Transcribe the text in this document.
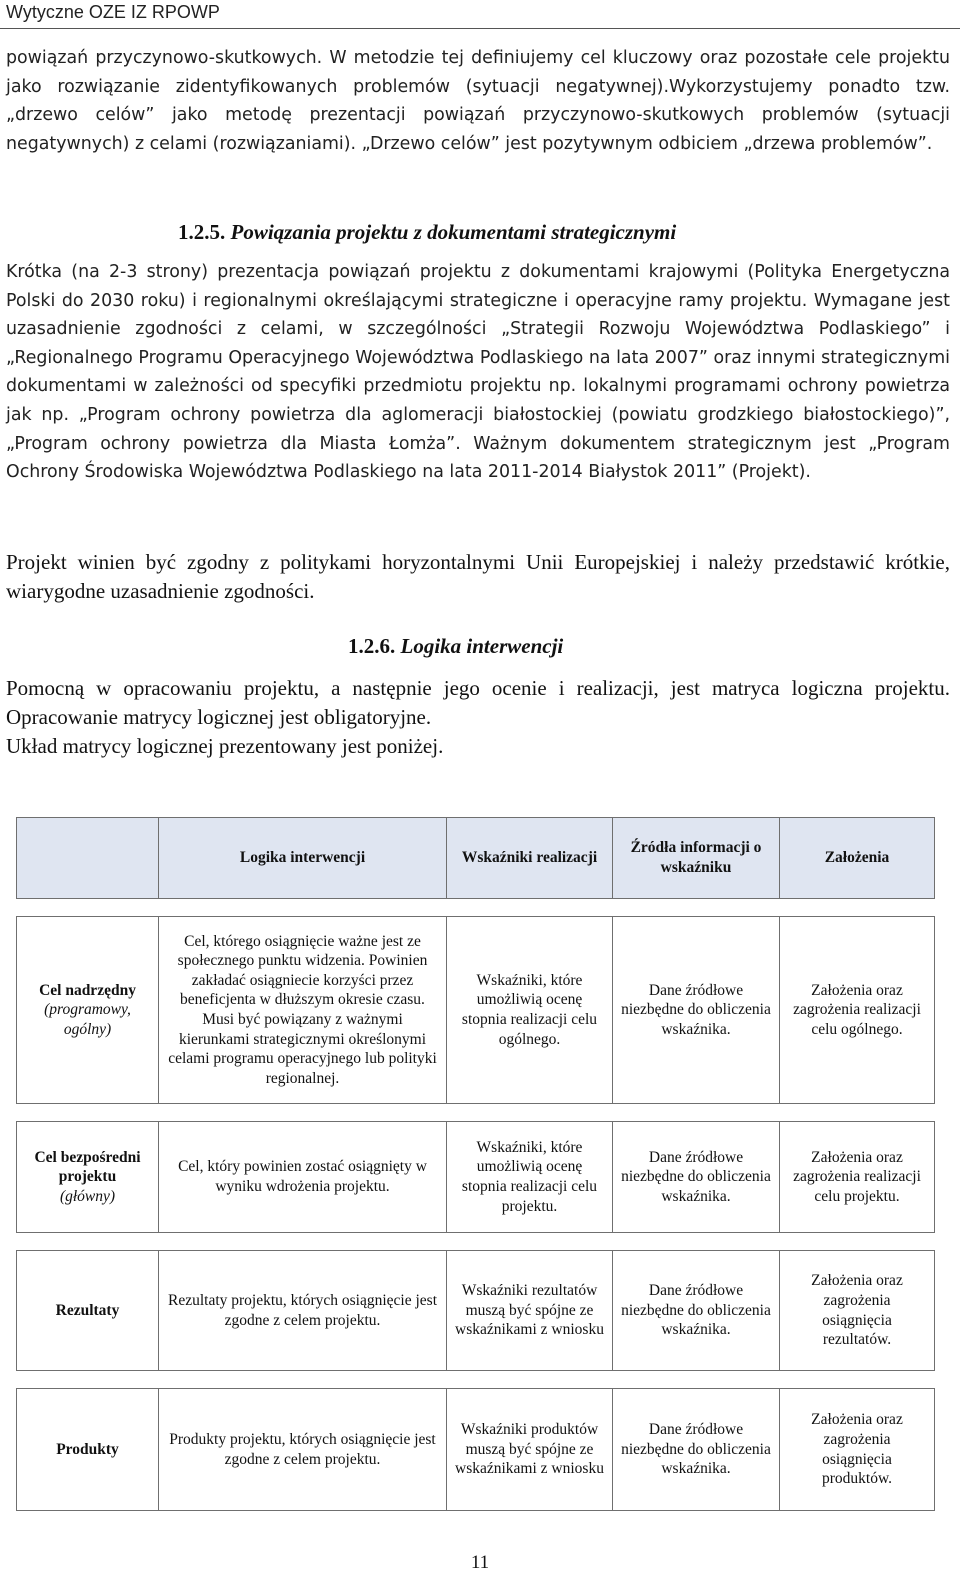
Wytyczne OZE IZ RPOWP
powiązań przyczynowo-skutkowych. W metodzie tej definiujemy cel kluczowy oraz pozostałe cele projektu jako rozwiązanie zidentyfikowanych problemów (sytuacji negatywnej).Wykorzystujemy ponadto tzw. „drzewo celów” jako metodę prezentacji powiązań przyczynowo-skutkowych problemów (sytuacji negatywnych) z celami (rozwiązaniami). „Drzewo celów” jest pozytywnym odbiciem „drzewa problemów”.
1.2.5. Powiązania projektu z dokumentami strategicznymi
Krótka (na 2-3 strony) prezentacja powiązań projektu z dokumentami krajowymi (Polityka Energetyczna Polski do 2030 roku) i regionalnymi określającymi strategiczne i operacyjne ramy projektu. Wymagane jest uzasadnienie zgodności z celami, w szczególności „Strategii Rozwoju Województwa Podlaskiego” i „Regionalnego Programu Operacyjnego Województwa Podlaskiego na lata 2007” oraz innymi strategicznymi dokumentami w zależności od specyfiki przedmiotu projektu np. lokalnymi programami ochrony powietrza jak np. „Program ochrony powietrza dla aglomeracji białostockiej (powiatu grodzkiego białostockiego)”, „Program ochrony powietrza dla Miasta Łomża”. Ważnym dokumentem strategicznym jest „Program Ochrony Środowiska Województwa Podlaskiego na lata 2011-2014 Białystok 2011” (Projekt).
Projekt winien być zgodny z politykami horyzontalnymi Unii Europejskiej i należy przedstawić krótkie, wiarygodne uzasadnienie zgodności.
1.2.6. Logika interwencji
Pomocną w opracowaniu projektu, a następnie jego ocenie i realizacji, jest matryca logiczna projektu. Opracowanie matrycy logicznej jest obligatoryjne.
Układ matrycy logicznej prezentowany jest poniżej.
	Logika interwencji	Wskaźniki realizacji	Źródła informacji o wskaźniku	Założenia

Cel nadrzędny
(programowy, ogólny)	Cel, którego osiągnięcie ważne jest ze społecznego punktu widzenia. Powinien zakładać osiągniecie korzyści przez beneficjenta w dłuższym okresie czasu. Musi być powiązany z ważnymi kierunkami strategicznymi określonymi celami programu operacyjnego lub polityki regionalnej.	Wskaźniki, które umożliwią ocenę stopnia realizacji celu ogólnego.	Dane źródłowe niezbędne do obliczenia wskaźnika.	Założenia oraz zagrożenia realizacji celu ogólnego.

Cel bezpośredni projektu
(główny)	Cel, który powinien zostać osiągnięty w wyniku wdrożenia projektu.	Wskaźniki, które umożliwią ocenę stopnia realizacji celu projektu.	Dane źródłowe niezbędne do obliczenia wskaźnika.	Założenia oraz zagrożenia realizacji celu projektu.

Rezultaty	Rezultaty projektu, których osiągnięcie jest zgodne z celem projektu.	Wskaźniki rezultatów muszą być spójne ze wskaźnikami z wniosku	Dane źródłowe niezbędne do obliczenia wskaźnika.	Założenia oraz zagrożenia osiągnięcia rezultatów.

Produkty	Produkty projektu, których osiągnięcie jest zgodne z celem projektu.	Wskaźniki produktów muszą być spójne ze wskaźnikami z wniosku	Dane źródłowe niezbędne do obliczenia wskaźnika.	Założenia oraz zagrożenia osiągnięcia produktów.
11
